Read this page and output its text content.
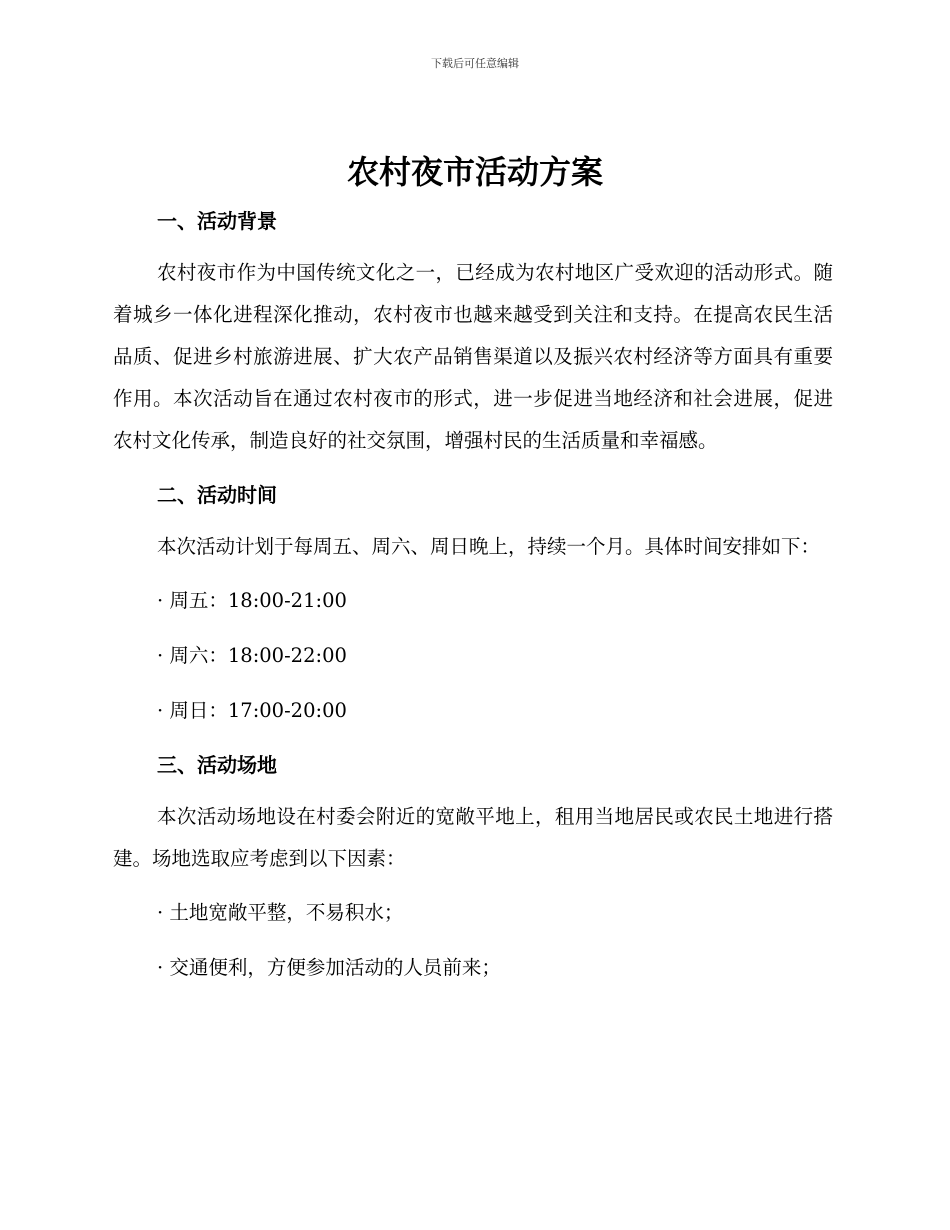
下载后可任意编辑
农村夜市活动方案
一、活动背景

农村夜市作为中国传统文化之一，已经成为农村地区广受欢迎的活动形式。随着城乡一体化进程深化推动，农村夜市也越来越受到关注和支持。在提高农民生活品质、促进乡村旅游进展、扩大农产品销售渠道以及振兴农村经济等方面具有重要作用。本次活动旨在通过农村夜市的形式，进一步促进当地经济和社会进展，促进农村文化传承，制造良好的社交氛围，增强村民的生活质量和幸福感。

二、活动时间

本次活动计划于每周五、周六、周日晚上，持续一个月。具体时间安排如下：

· 周五：18:00-21:00

· 周六：18:00-22:00

· 周日：17:00-20:00

三、活动场地

本次活动场地设在村委会附近的宽敞平地上，租用当地居民或农民土地进行搭建。场地选取应考虑到以下因素：

· 土地宽敞平整，不易积水；

· 交通便利，方便参加活动的人员前来；
